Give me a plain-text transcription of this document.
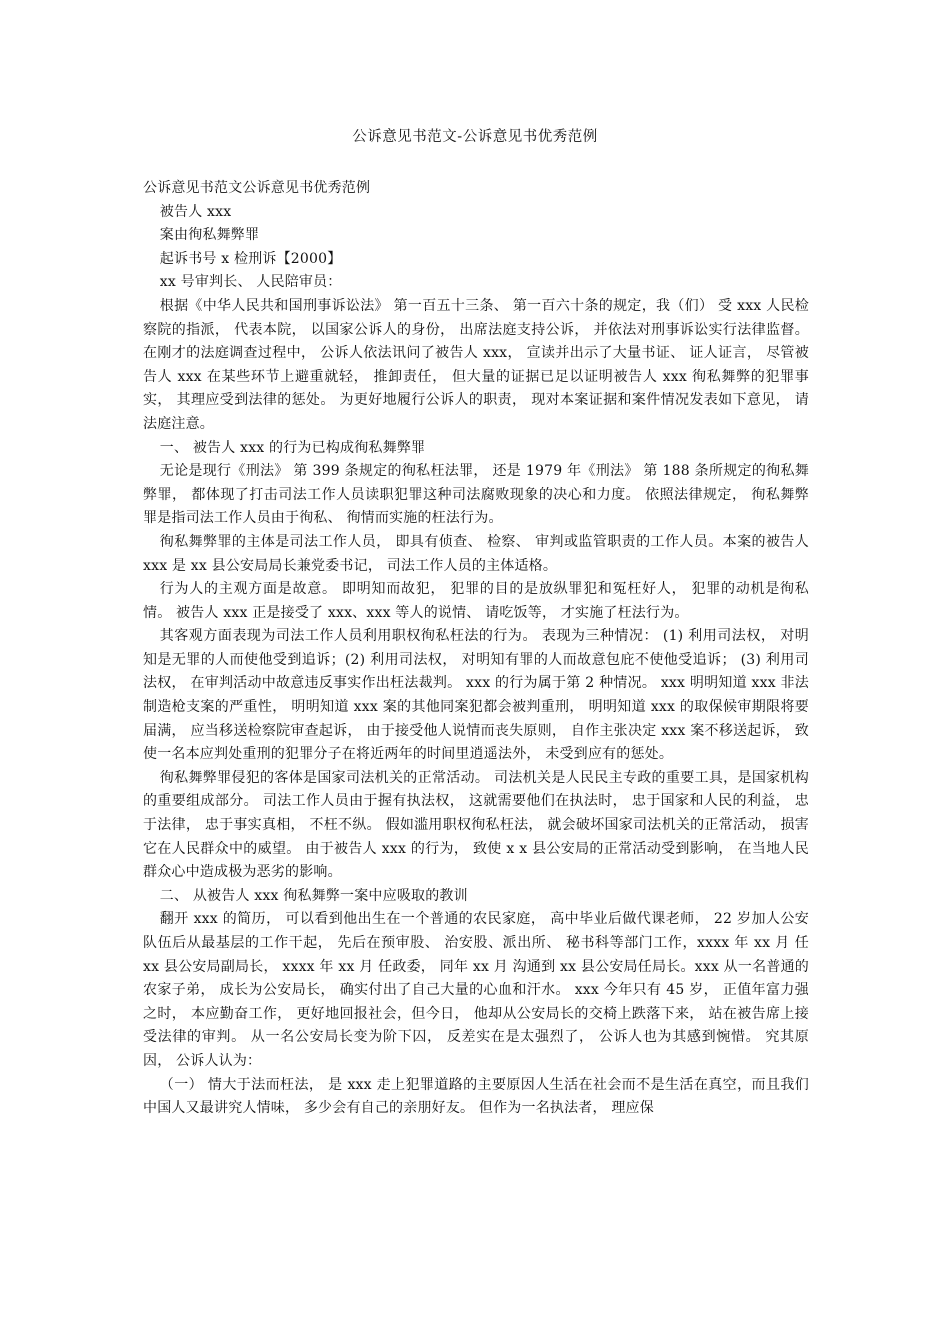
公诉意见书范文-公诉意见书优秀范例

公诉意见书范文公诉意见书优秀范例

被告人 xxx

案由徇私舞弊罪

起诉书号 x 检刑诉【2000】

xx 号审判长、 人民陪审员：

根据《中华人民共和国刑事诉讼法》 第一百五十三条、 第一百六十条的规定，我（们） 受 xxx 人民检察院的指派， 代表本院， 以国家公诉人的身份， 出席法庭支持公诉， 并依法对刑事诉讼实行法律监督。 在刚才的法庭调查过程中， 公诉人依法讯问了被告人 xxx， 宣读并出示了大量书证、 证人证言， 尽管被告人 xxx 在某些环节上避重就轻， 推卸责任， 但大量的证据已足以证明被告人 xxx 徇私舞弊的犯罪事实， 其理应受到法律的惩处。 为更好地履行公诉人的职责， 现对本案证据和案件情况发表如下意见， 请法庭注意。

一、 被告人 xxx 的行为已构成徇私舞弊罪

无论是现行《刑法》 第 399 条规定的徇私枉法罪， 还是 1979 年《刑法》 第 188 条所规定的徇私舞弊罪， 都体现了打击司法工作人员读职犯罪这种司法腐败现象的决心和力度。 依照法律规定， 徇私舞弊罪是指司法工作人员由于徇私、 徇情而实施的枉法行为。

徇私舞弊罪的主体是司法工作人员， 即具有侦查、 检察、 审判或监管职责的工作人员。本案的被告人 xxx 是 xx 县公安局局长兼党委书记， 司法工作人员的主体适格。

行为人的主观方面是故意。 即明知而故犯， 犯罪的目的是放纵罪犯和冤枉好人， 犯罪的动机是徇私情。 被告人 xxx 正是接受了 xxx、xxx 等人的说情、 请吃饭等， 才实施了枉法行为。

其客观方面表现为司法工作人员利用职权徇私枉法的行为。 表现为三种情况： (1) 利用司法权， 对明知是无罪的人而使他受到追诉；(2) 利用司法权， 对明知有罪的人而故意包庇不使他受追诉； (3) 利用司法权， 在审判活动中故意违反事实作出枉法裁判。 xxx 的行为属于第 2 种情况。 xxx 明明知道 xxx 非法制造枪支案的严重性， 明明知道 xxx 案的其他同案犯都会被判重刑， 明明知道 xxx 的取保候审期限将要届满， 应当移送检察院审查起诉， 由于接受他人说情而丧失原则， 自作主张决定 xxx 案不移送起诉， 致使一名本应判处重刑的犯罪分子在将近两年的时间里逍遥法外， 未受到应有的惩处。

徇私舞弊罪侵犯的客体是国家司法机关的正常活动。 司法机关是人民民主专政的重要工具，是国家机构的重要组成部分。 司法工作人员由于握有执法权， 这就需要他们在执法时， 忠于国家和人民的利益， 忠于法律， 忠于事实真相， 不枉不纵。 假如滥用职权徇私枉法， 就会破坏国家司法机关的正常活动， 损害它在人民群众中的威望。 由于被告人 xxx 的行为， 致使 x x 县公安局的正常活动受到影响， 在当地人民群众心中造成极为恶劣的影响。

二、 从被告人 xxx 徇私舞弊一案中应吸取的教训

翻开 xxx 的简历， 可以看到他出生在一个普通的农民家庭， 高中毕业后做代课老师， 22 岁加人公安队伍后从最基层的工作干起， 先后在预审股、 治安股、派出所、 秘书科等部门工作，xxxx 年 xx 月 任 xx 县公安局副局长， xxxx 年 xx 月 任政委， 同年 xx 月 沟通到 xx 县公安局任局长。xxx 从一名普通的农家子弟， 成长为公安局长， 确实付出了自己大量的心血和汗水。 xxx 今年只有 45 岁， 正值年富力强之时， 本应勤奋工作， 更好地回报社会，但今日， 他却从公安局长的交椅上跌落下来， 站在被告席上接受法律的审判。 从一名公安局长变为阶下囚， 反差实在是太强烈了， 公诉人也为其感到惋惜。 究其原因， 公诉人认为：

（一） 情大于法而枉法， 是 xxx 走上犯罪道路的主要原因人生活在社会而不是生活在真空，而且我们中国人又最讲究人情味， 多少会有自己的亲朋好友。 但作为一名执法者， 理应保
